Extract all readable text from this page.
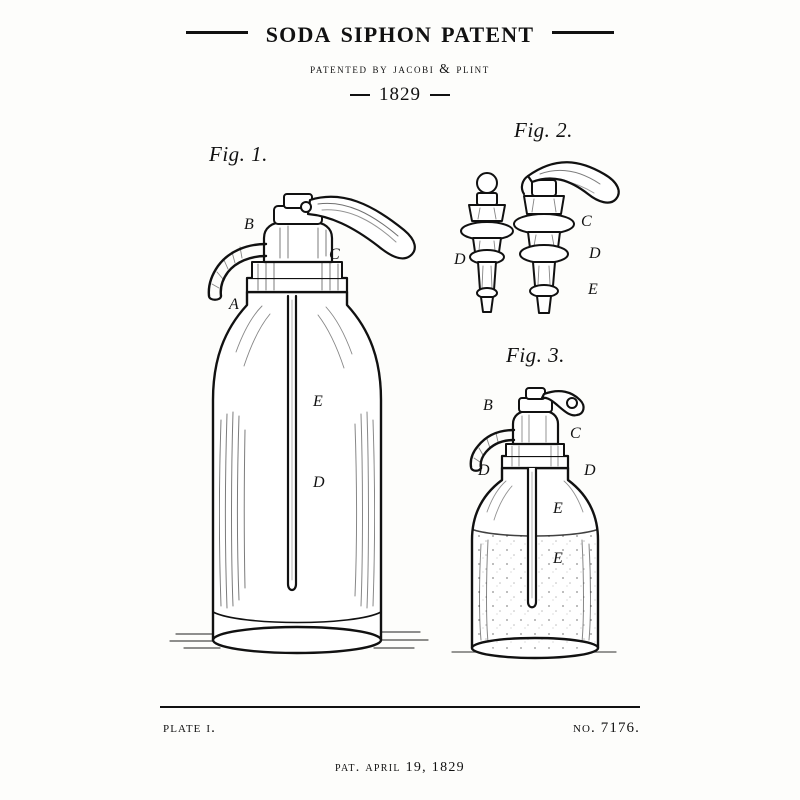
soda siphon patent
patented by jacobi & plint
1829
Fig. 1.
B
C
A
E
D
Fig. 2.
D
C
D
E
Fig. 3.
B
C
D	D
E
E
plate i.	no. 7176.
pat. april 19, 1829
